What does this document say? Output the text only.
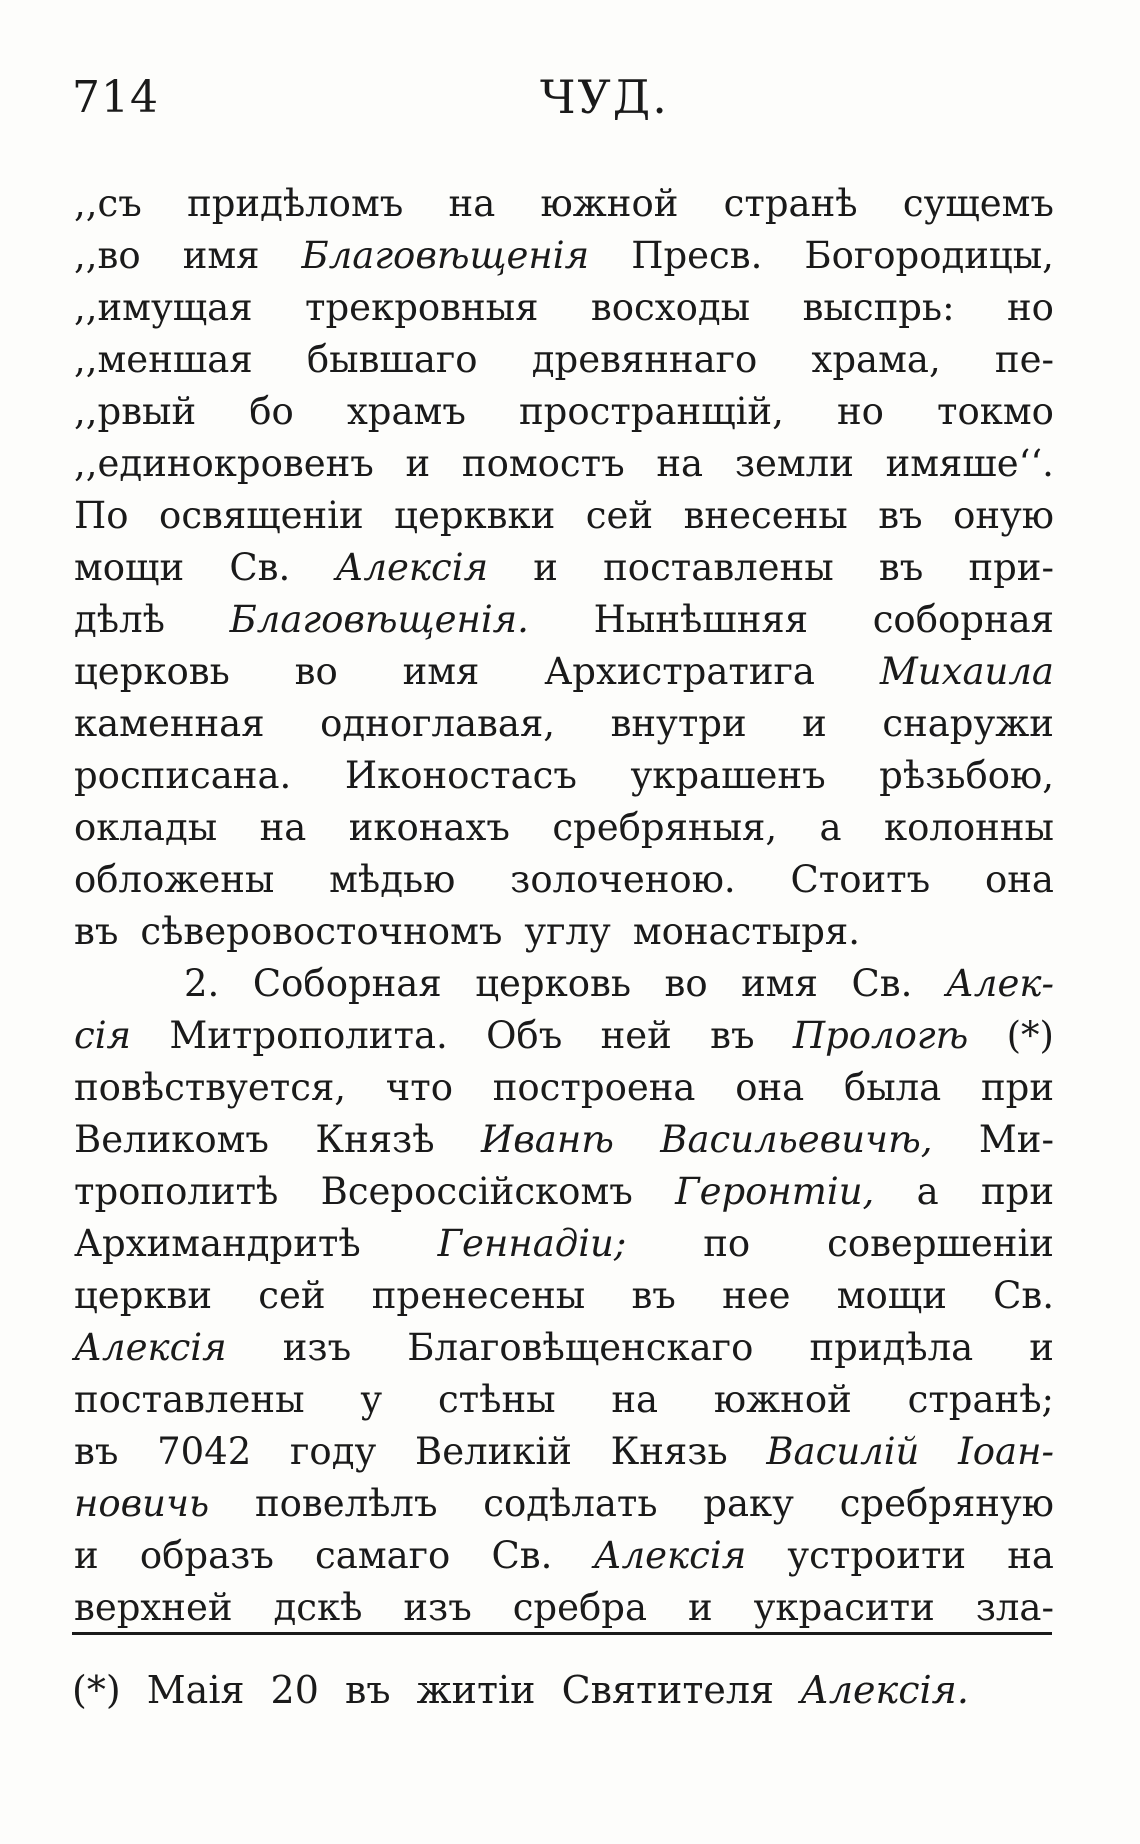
714	ЧУД.
,,съ придѣломъ на южной странѣ сущемъ
,,во имя Благовѣщенія Пресв. Богородицы,
,,имущая трекровныя восходы выспрь: но
,,меншая бывшаго древяннаго храма, пе-
,,рвый бо храмъ пространщій, но токмо
,,единокровенъ и помостъ на земли имяше‘‘.
По освященіи церквки сей внесены въ оную
мощи Св. Алексія и поставлены въ при-
дѣлѣ Благовѣщенія. Нынѣшняя соборная
церковь во имя Архистратига Михаила
каменная одноглавая, внутри и снаружи
росписана. Иконостасъ украшенъ рѣзьбою,
оклады на иконахъ сребряныя, а колонны
обложены мѣдью золоченою. Стоитъ она
въ сѣверовосточномъ углу монастыря.
2. Соборная церковь во имя Св. Алек-
сія Митрополита. Объ ней въ Прологѣ (*)
повѣствуется, что построена она была при
Великомъ Князѣ Иванѣ Васильевичѣ, Ми-
трополитѣ Всероссійскомъ Геронтіи, а при
Архимандритѣ Геннадіи; по совершеніи
церкви сей пренесены въ нее мощи Св.
Алексія изъ Благовѣщенскаго придѣла и
поставлены у стѣны на южной странѣ;
въ 7042 году Великій Князь Василій Іоан-
новичь повелѣлъ содѣлать раку сребряную
и образъ самаго Св. Алексія устроити на
верхней дскѣ изъ сребра и украсити зла-
(*) Маія 20 въ житіи Святителя Алексія.
